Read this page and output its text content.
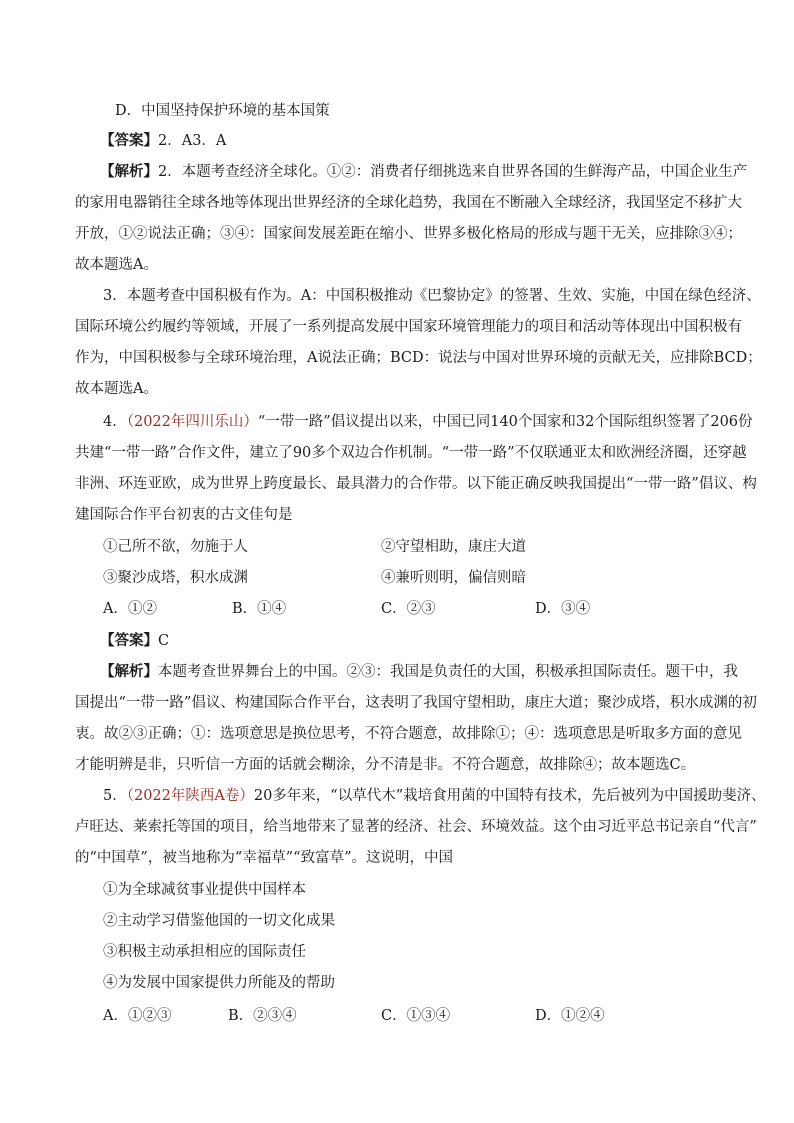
D．中国坚持保护环境的基本国策
【答案】2．A3．A
【解析】2．本题考查经济全球化。①②：消费者仔细挑选来自世界各国的生鲜海产品，中国企业生产
的家用电器销往全球各地等体现出世界经济的全球化趋势，我国在不断融入全球经济，我国坚定不移扩大
开放，①②说法正确；③④：国家间发展差距在缩小、世界多极化格局的形成与题干无关，应排除③④；
故本题选A。
3．本题考查中国积极有作为。A：中国积极推动《巴黎协定》的签署、生效、实施，中国在绿色经济、
国际环境公约履约等领域，开展了一系列提高发展中国家环境管理能力的项目和活动等体现出中国积极有
作为，中国积极参与全球环境治理，A说法正确；BCD：说法与中国对世界环境的贡献无关，应排除BCD；
故本题选A。
4．（2022年四川乐山）“一带一路”倡议提出以来，中国已同140个国家和32个国际组织签署了206份
共建“一带一路”合作文件，建立了90多个双边合作机制。“一带一路”不仅联通亚太和欧洲经济圈，还穿越
非洲、环连亚欧，成为世界上跨度最长、最具潜力的合作带。以下能正确反映我国提出“一带一路”倡议、构
建国际合作平台初衷的古文佳句是
①己所不欲，勿施于人	②守望相助，康庄大道
③聚沙成塔，积水成渊	④兼听则明，偏信则暗
A．①②	B．①④	C．②③	D．③④
【答案】C
【解析】本题考查世界舞台上的中国。②③：我国是负责任的大国，积极承担国际责任。题干中，我
国提出“一带一路”倡议、构建国际合作平台，这表明了我国守望相助，康庄大道；聚沙成塔，积水成渊的初
衷。故②③正确；①：选项意思是换位思考，不符合题意，故排除①；④：选项意思是听取多方面的意见
才能明辨是非，只听信一方面的话就会糊涂，分不清是非。不符合题意，故排除④；故本题选C。
5．（2022年陕西A卷）20多年来，“以草代木”栽培食用菌的中国特有技术，先后被列为中国援助斐济、
卢旺达、莱索托等国的项目，给当地带来了显著的经济、社会、环境效益。这个由习近平总书记亲自“代言”
的“中国草”，被当地称为“幸福草”“致富草”。这说明，中国
①为全球减贫事业提供中国样本
②主动学习借鉴他国的一切文化成果
③积极主动承担相应的国际责任
④为发展中国家提供力所能及的帮助
A．①②③	B．②③④	C．①③④	D．①②④
